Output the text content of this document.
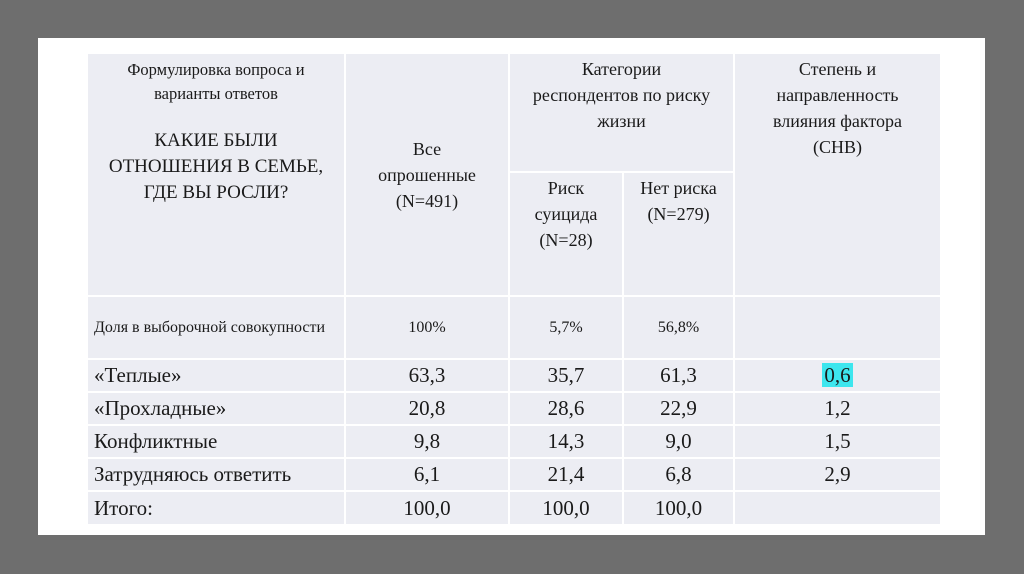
Формулировка вопроса и варианты ответов
КАКИЕ БЫЛИ ОТНОШЕНИЯ В СЕМЬЕ, ГДЕ ВЫ РОСЛИ?	Все опрошенные (N=491)	Категории респондентов по риску жизни		Степень и направленность влияния фактора (СНВ)

		Риск суицида (N=28)	Нет риска (N=279)	

Доля в выборочной совокупности	100%	5,7%	56,8%	
«Теплые»	63,3	35,7	61,3	0,6
«Прохладные»	20,8	28,6	22,9	1,2
Конфликтные	9,8	14,3	9,0	1,5
Затрудняюсь ответить	6,1	21,4	6,8	2,9
Итого:	100,0	100,0	100,0	
